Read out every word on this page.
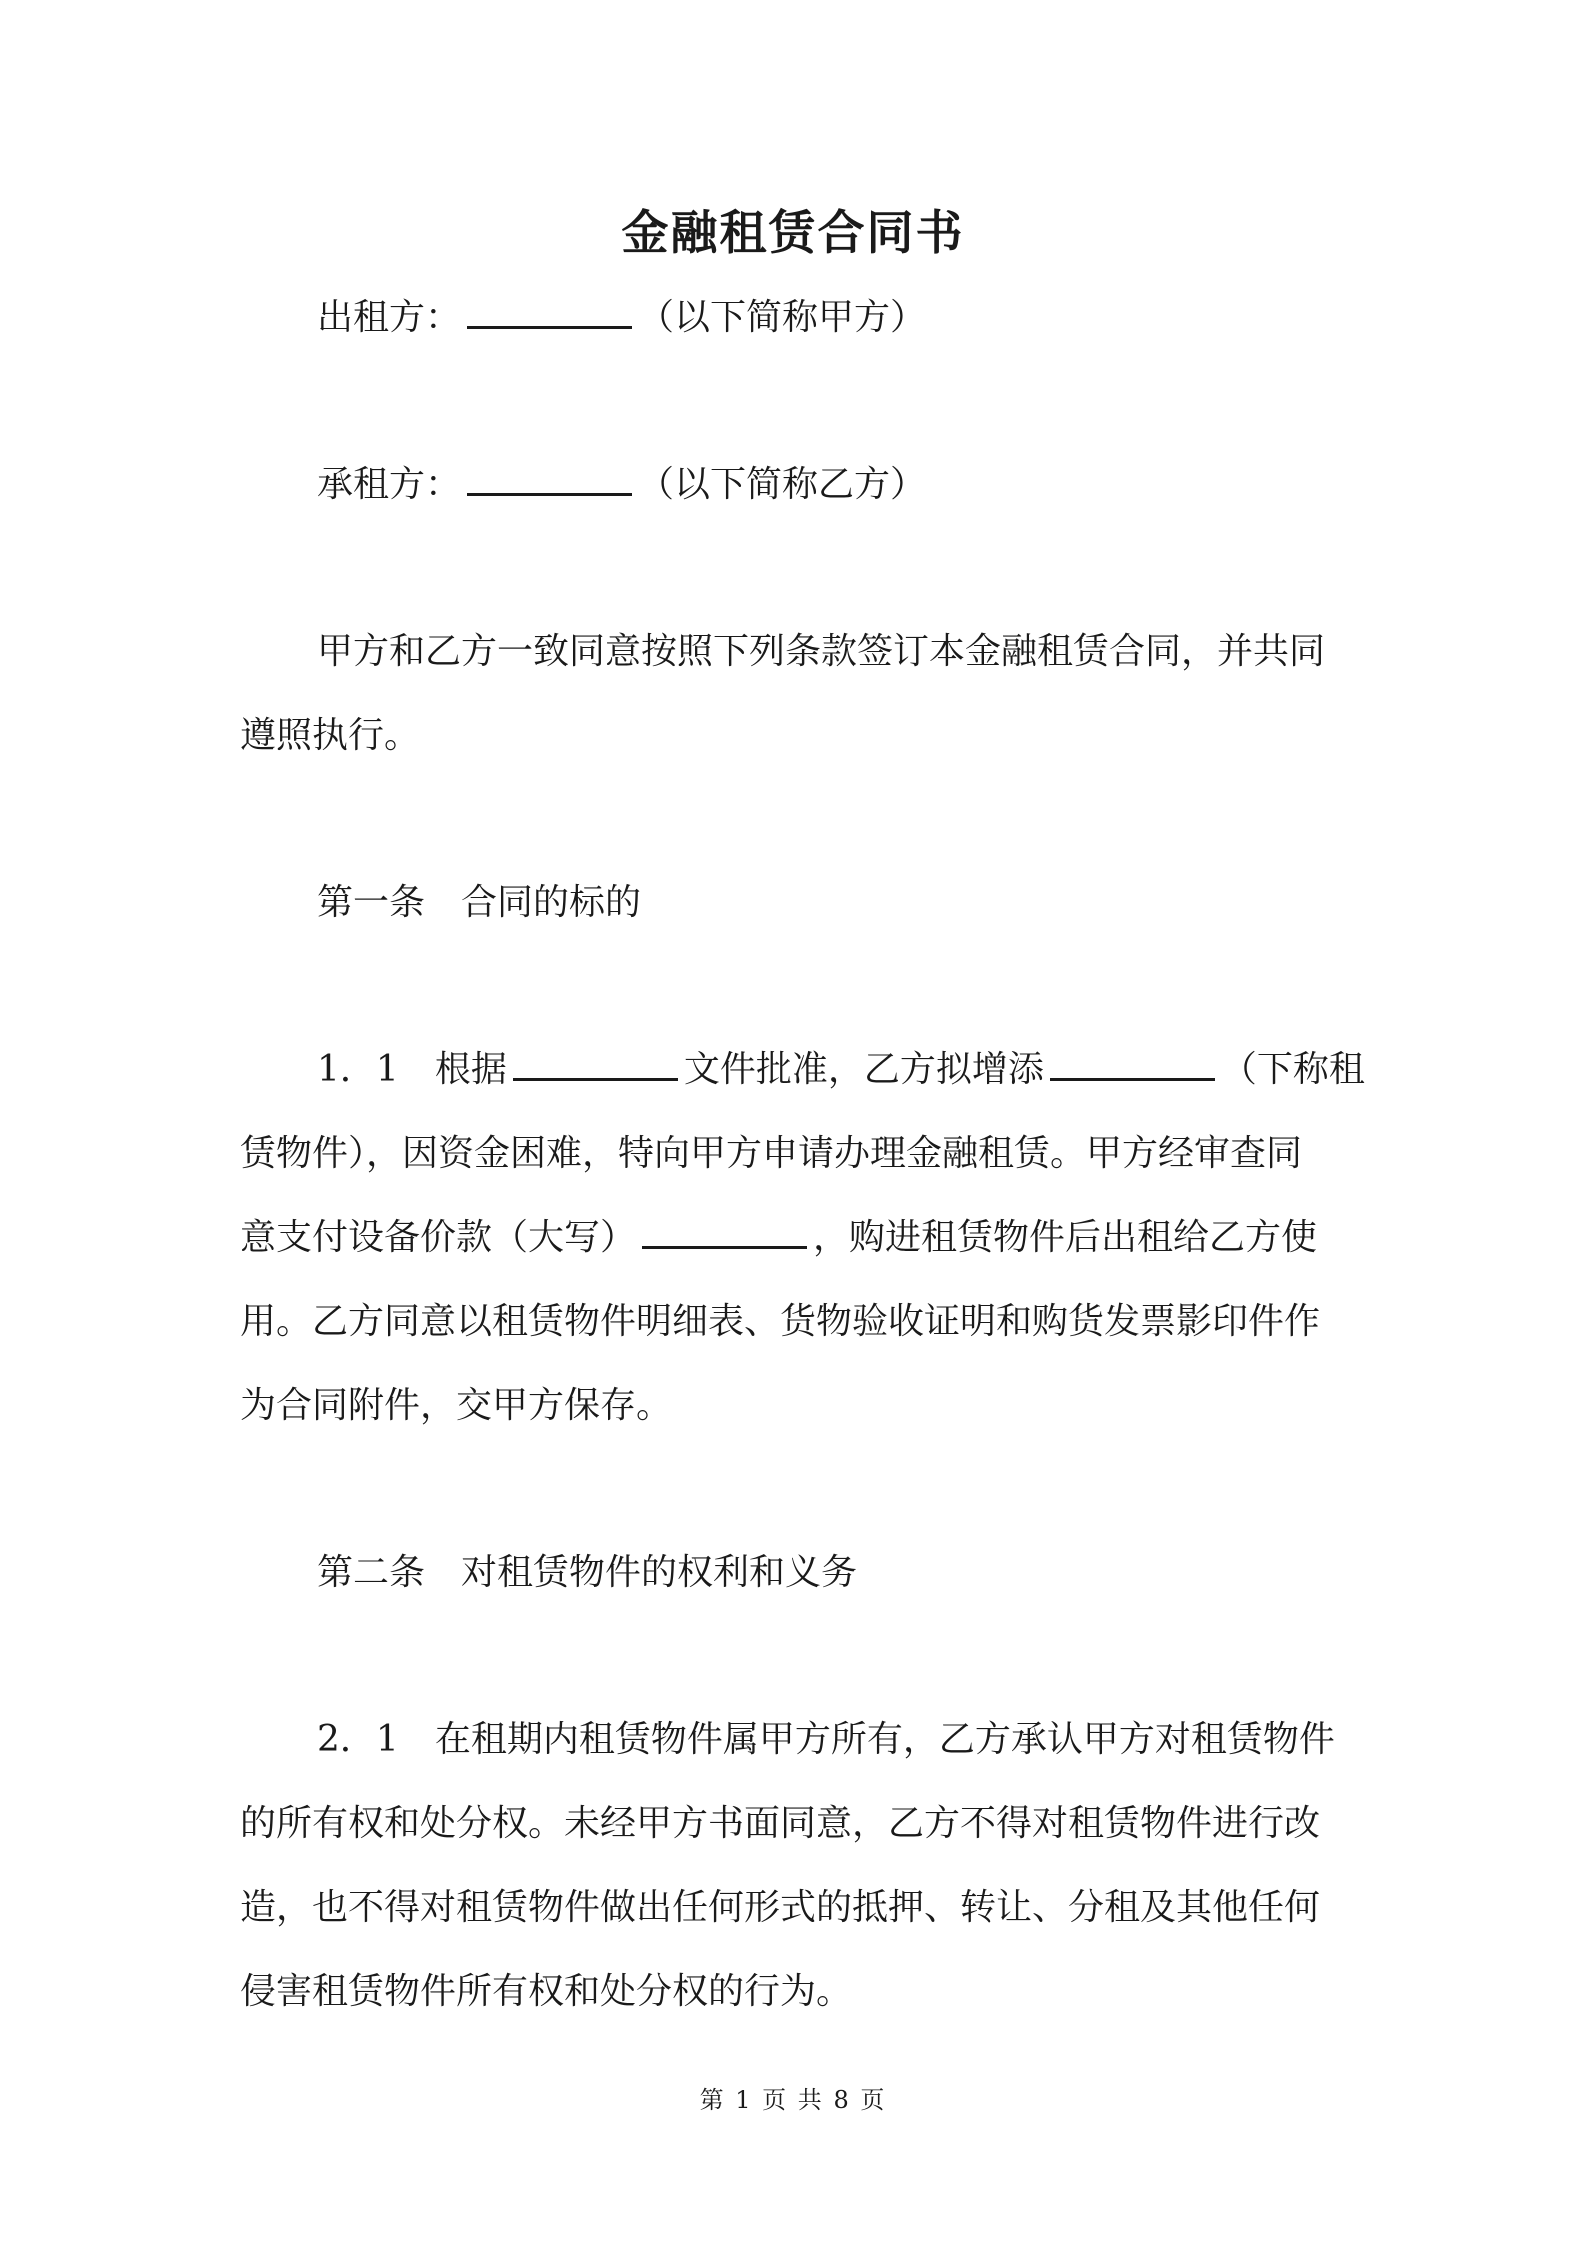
金融租赁合同书
出租方：	（以下简称甲方）
承租方：	（以下简称乙方）
甲方和乙方一致同意按照下列条款签订本金融租赁合同，并共同
遵照执行。
第一条 合同的标的
1．1 根据	文件批准，乙方拟增添	（下称租
赁物件），因资金困难，特向甲方申请办理金融租赁。甲方经审查同
意支付设备价款（大写）	，购进租赁物件后出租给乙方使
用。乙方同意以租赁物件明细表、货物验收证明和购货发票影印件作
为合同附件，交甲方保存。
第二条 对租赁物件的权利和义务
2．1 在租期内租赁物件属甲方所有，乙方承认甲方对租赁物件
的所有权和处分权。未经甲方书面同意，乙方不得对租赁物件进行改
造，也不得对租赁物件做出任何形式的抵押、转让、分租及其他任何
侵害租赁物件所有权和处分权的行为。
第 1 页 共 8 页
